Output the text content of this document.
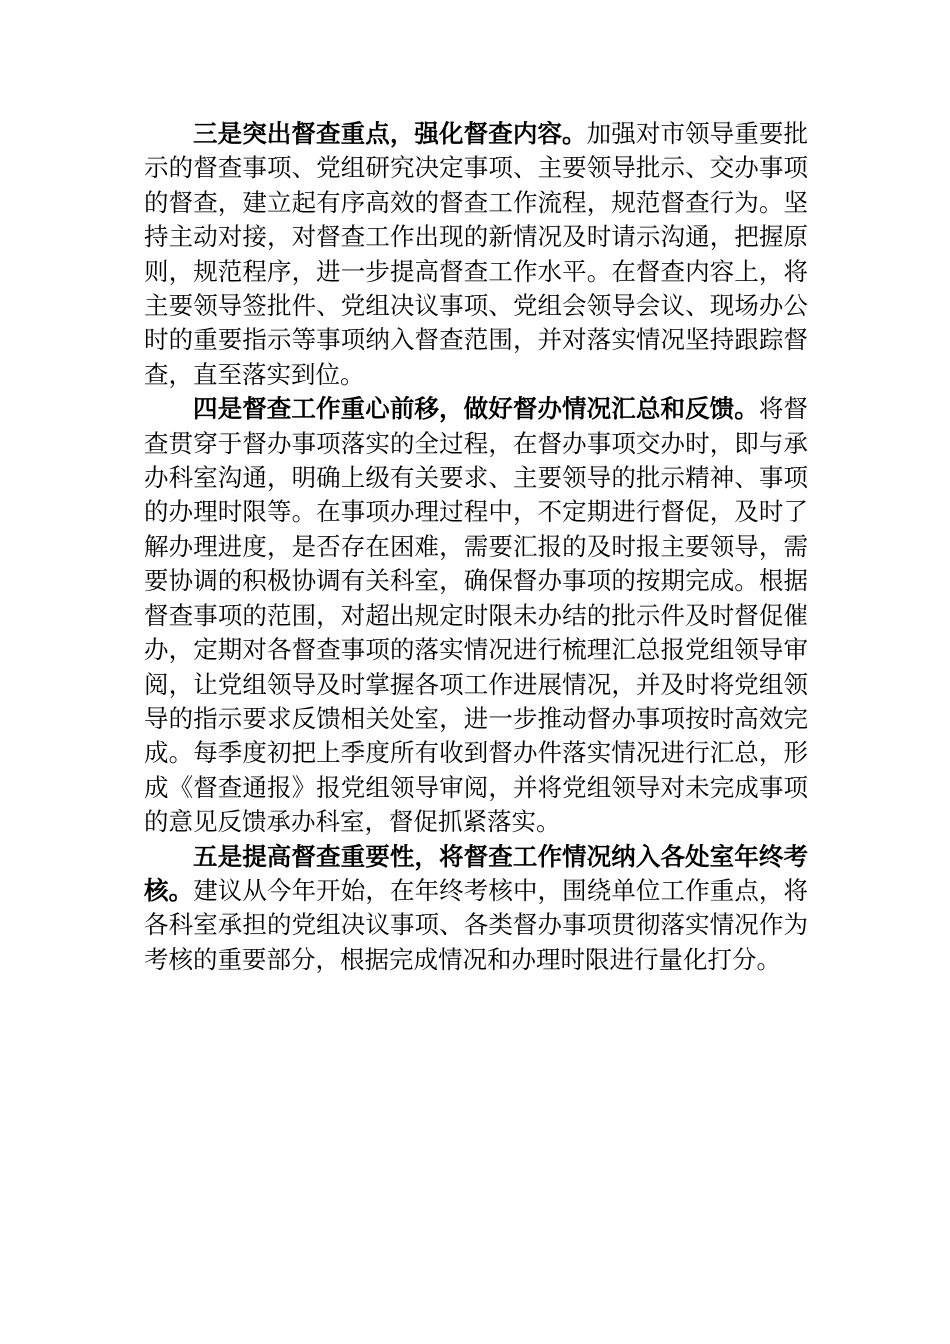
三是突出督查重点，强化督查内容。加强对市领导重要批示的督查事项、党组研究决定事项、主要领导批示、交办事项的督查，建立起有序高效的督查工作流程，规范督查行为。坚持主动对接，对督查工作出现的新情况及时请示沟通，把握原则，规范程序，进一步提高督查工作水平。在督查内容上，将主要领导签批件、党组决议事项、党组会领导会议、现场办公时的重要指示等事项纳入督查范围，并对落实情况坚持跟踪督查，直至落实到位。

四是督查工作重心前移，做好督办情况汇总和反馈。将督查贯穿于督办事项落实的全过程，在督办事项交办时，即与承办科室沟通，明确上级有关要求、主要领导的批示精神、事项的办理时限等。在事项办理过程中，不定期进行督促，及时了解办理进度，是否存在困难，需要汇报的及时报主要领导，需要协调的积极协调有关科室，确保督办事项的按期完成。根据督查事项的范围，对超出规定时限未办结的批示件及时督促催办，定期对各督查事项的落实情况进行梳理汇总报党组领导审阅，让党组领导及时掌握各项工作进展情况，并及时将党组领导的指示要求反馈相关处室，进一步推动督办事项按时高效完成。每季度初把上季度所有收到督办件落实情况进行汇总，形成《督查通报》报党组领导审阅，并将党组领导对未完成事项的意见反馈承办科室，督促抓紧落实。

五是提高督查重要性，将督查工作情况纳入各处室年终考核。建议从今年开始，在年终考核中，围绕单位工作重点，将各科室承担的党组决议事项、各类督办事项贯彻落实情况作为考核的重要部分，根据完成情况和办理时限进行量化打分。
